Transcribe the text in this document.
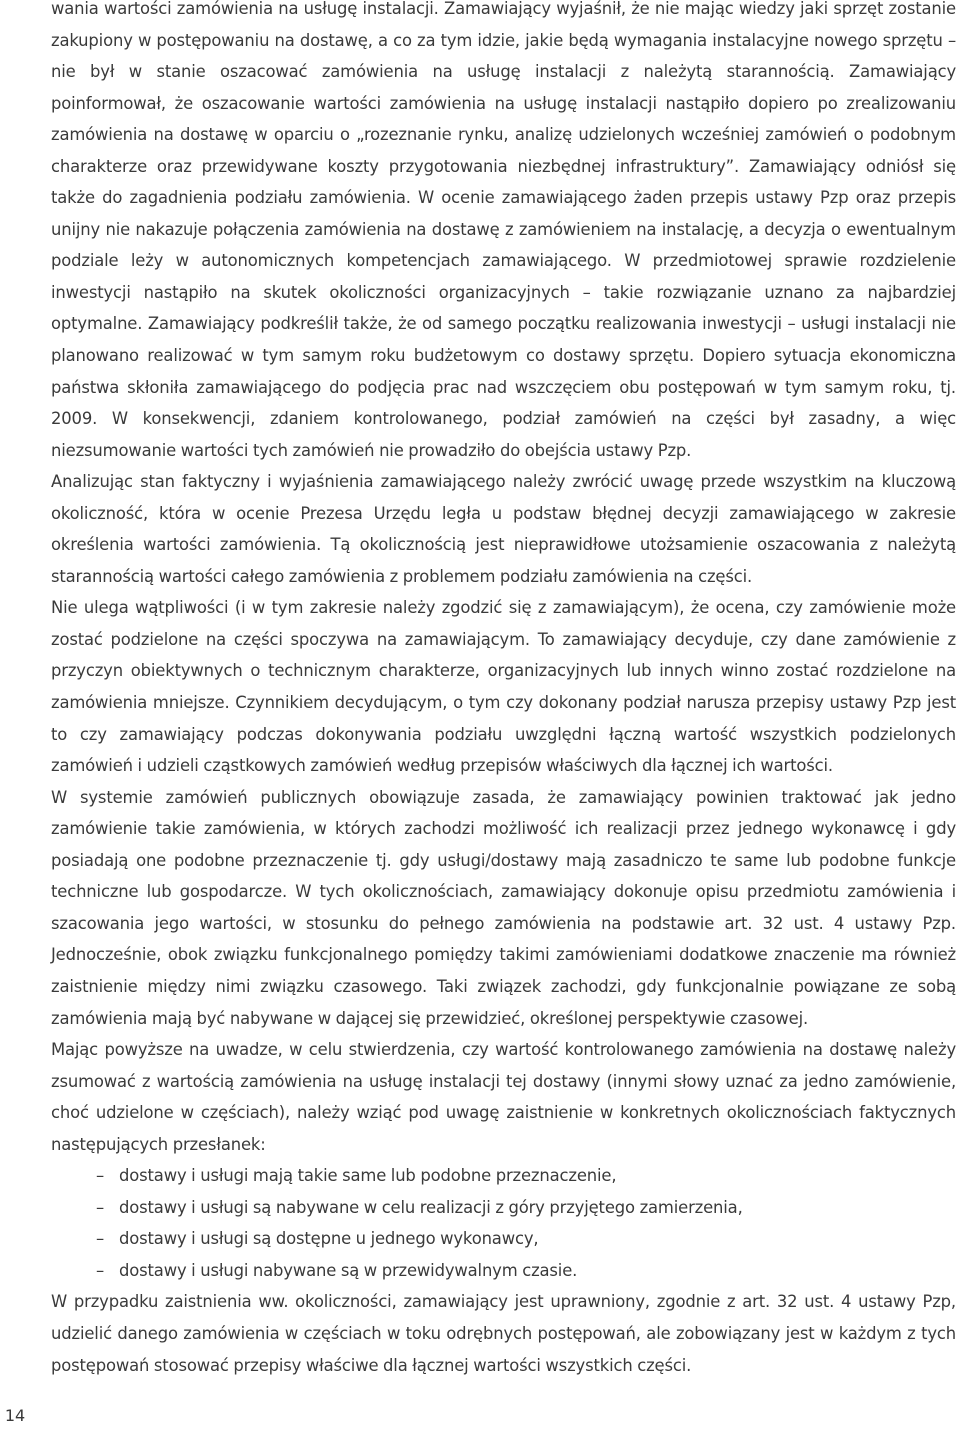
wania wartości zamówienia na usługę instalacji. Zamawiający wyjaśnił, że nie mając wiedzy jaki sprzęt zostanie zakupiony w postępowaniu na dostawę, a co za tym idzie, jakie będą wymagania instalacyjne nowego sprzętu – nie był w stanie oszacować zamówienia na usługę instalacji z należytą starannością. Zamawiający poinformował, że oszacowanie wartości zamówienia na usługę instalacji nastąpiło dopiero po zrealizowaniu zamówienia na dostawę w oparciu o „rozeznanie rynku, analizę udzielonych wcześniej zamówień o podobnym charakterze oraz przewidywane koszty przygotowania niezbędnej infrastruktury”. Zamawiający odniósł się także do zagadnienia podziału zamówienia. W ocenie zamawiającego żaden przepis ustawy Pzp oraz przepis unijny nie nakazuje połączenia zamówienia na dostawę z zamówieniem na instalację, a decyzja o ewentualnym podziale leży w autonomicznych kompetencjach zamawiającego. W przedmiotowej sprawie rozdzielenie inwestycji nastąpiło na skutek okoliczności organizacyjnych – takie rozwiązanie uznano za najbardziej optymalne. Zamawiający podkreślił także, że od samego początku realizowania inwestycji – usługi instalacji nie planowano realizować w tym samym roku budżetowym co dostawy sprzętu. Dopiero sytuacja ekonomiczna państwa skłoniła zamawiającego do podjęcia prac nad wszczęciem obu postępowań w tym samym roku, tj. 2009. W konsekwencji, zdaniem kontrolowanego, podział zamówień na części był zasadny, a więc niezsumowanie wartości tych zamówień nie prowadziło do obejścia ustawy Pzp.

Analizując stan faktyczny i wyjaśnienia zamawiającego należy zwrócić uwagę przede wszystkim na kluczową okoliczność, która w ocenie Prezesa Urzędu legła u podstaw błędnej decyzji zamawiającego w zakresie określenia wartości zamówienia. Tą okolicznością jest nieprawidłowe utożsamienie oszacowania z należytą starannością wartości całego zamówienia z problemem podziału zamówienia na części.

Nie ulega wątpliwości (i w tym zakresie należy zgodzić się z zamawiającym), że ocena, czy zamówienie może zostać podzielone na części spoczywa na zamawiającym. To zamawiający decyduje, czy dane zamówienie z przyczyn obiektywnych o technicznym charakterze, organizacyjnych lub innych winno zostać rozdzielone na zamówienia mniejsze. Czynnikiem decydującym, o tym czy dokonany podział narusza przepisy ustawy Pzp jest to czy zamawiający podczas dokonywania podziału uwzględni łączną wartość wszystkich podzielonych zamówień i udzieli cząstkowych zamówień według przepisów właściwych dla łącznej ich wartości.

W systemie zamówień publicznych obowiązuje zasada, że zamawiający powinien traktować jak jedno zamówienie takie zamówienia, w których zachodzi możliwość ich realizacji przez jednego wykonawcę i gdy posiadają one podobne przeznaczenie tj. gdy usługi/dostawy mają zasadniczo te same lub podobne funkcje techniczne lub gospodarcze. W tych okolicznościach, zamawiający dokonuje opisu przedmiotu zamówienia i szacowania jego wartości, w stosunku do pełnego zamówienia na podstawie art. 32 ust. 4 ustawy Pzp. Jednocześnie, obok związku funkcjonalnego pomiędzy takimi zamówieniami dodatkowe znaczenie ma również zaistnienie między nimi związku czasowego. Taki związek zachodzi, gdy funkcjonalnie powiązane ze sobą zamówienia mają być nabywane w dającej się przewidzieć, określonej perspektywie czasowej.

Mając powyższe na uwadze, w celu stwierdzenia, czy wartość kontrolowanego zamówienia na dostawę należy zsumować z wartością zamówienia na usługę instalacji tej dostawy (innymi słowy uznać za jedno zamówienie, choć udzielone w częściach), należy wziąć pod uwagę zaistnienie w konkretnych okolicznościach faktycznych następujących przesłanek:

– dostawy i usługi mają takie same lub podobne przeznaczenie,
– dostawy i usługi są nabywane w celu realizacji z góry przyjętego zamierzenia,
– dostawy i usługi są dostępne u jednego wykonawcy,
– dostawy i usługi nabywane są w przewidywalnym czasie.

W przypadku zaistnienia ww. okoliczności, zamawiający jest uprawniony, zgodnie z art. 32 ust. 4 ustawy Pzp, udzielić danego zamówienia w częściach w toku odrębnych postępowań, ale zobowiązany jest w każdym z tych postępowań stosować przepisy właściwe dla łącznej wartości wszystkich części.

14
